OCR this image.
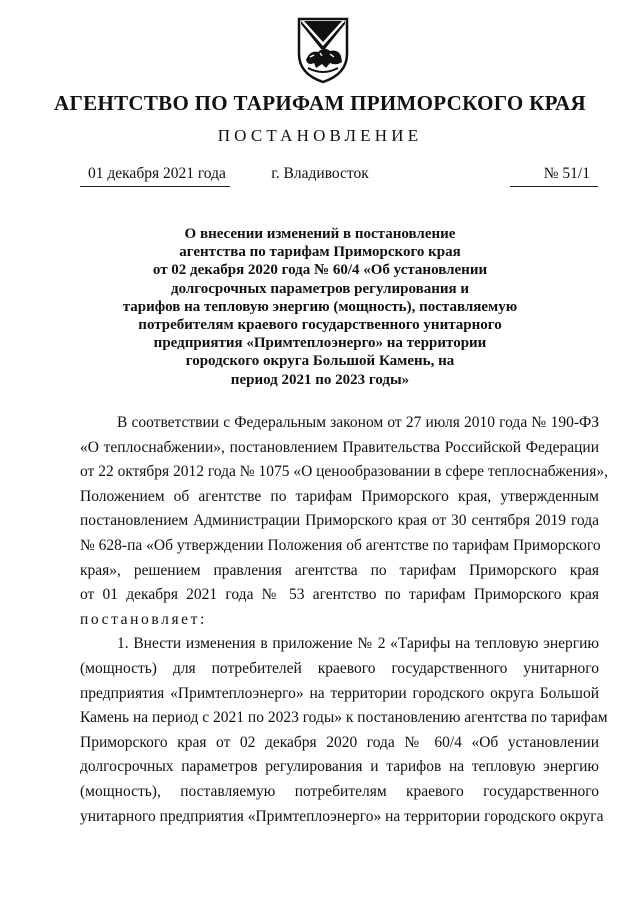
АГЕНТСТВО ПО ТАРИФАМ ПРИМОРСКОГО КРАЯ
ПОСТАНОВЛЕНИЕ
01 декабря 2021 года	г. Владивосток	№ 51/1
О внесении изменений в постановление
агентства по тарифам Приморского края
от 02 декабря 2020 года № 60/4 «Об установлении
долгосрочных параметров регулирования и
тарифов на тепловую энергию (мощность), поставляемую
потребителям краевого государственного унитарного
предприятия «Примтеплоэнерго» на территории
городского округа Большой Камень, на
период 2021 по 2023 годы»
В соответствии с Федеральным законом от 27 июля 2010 года № 190-ФЗ
«О теплоснабжении», постановлением Правительства Российской Федерации
от 22 октября 2012 года № 1075 «О ценообразовании в сфере теплоснабжения»,
Положением об агентстве по тарифам Приморского края, утвержденным
постановлением Администрации Приморского края от 30 сентября 2019 года
№ 628-па «Об утверждении Положения об агентстве по тарифам Приморского
края», решением правления агентства по тарифам Приморского края
от 01 декабря 2021 года № 53 агентство по тарифам Приморского края
постановляет:
1. Внести изменения в приложение № 2 «Тарифы на тепловую энергию
(мощность) для потребителей краевого государственного унитарного
предприятия «Примтеплоэнерго» на территории городского округа Большой
Камень на период с 2021 по 2023 годы» к постановлению агентства по тарифам
Приморского края от 02 декабря 2020 года № 60/4 «Об установлении
долгосрочных параметров регулирования и тарифов на тепловую энергию
(мощность), поставляемую потребителям краевого государственного
унитарного предприятия «Примтеплоэнерго» на территории городского округа
